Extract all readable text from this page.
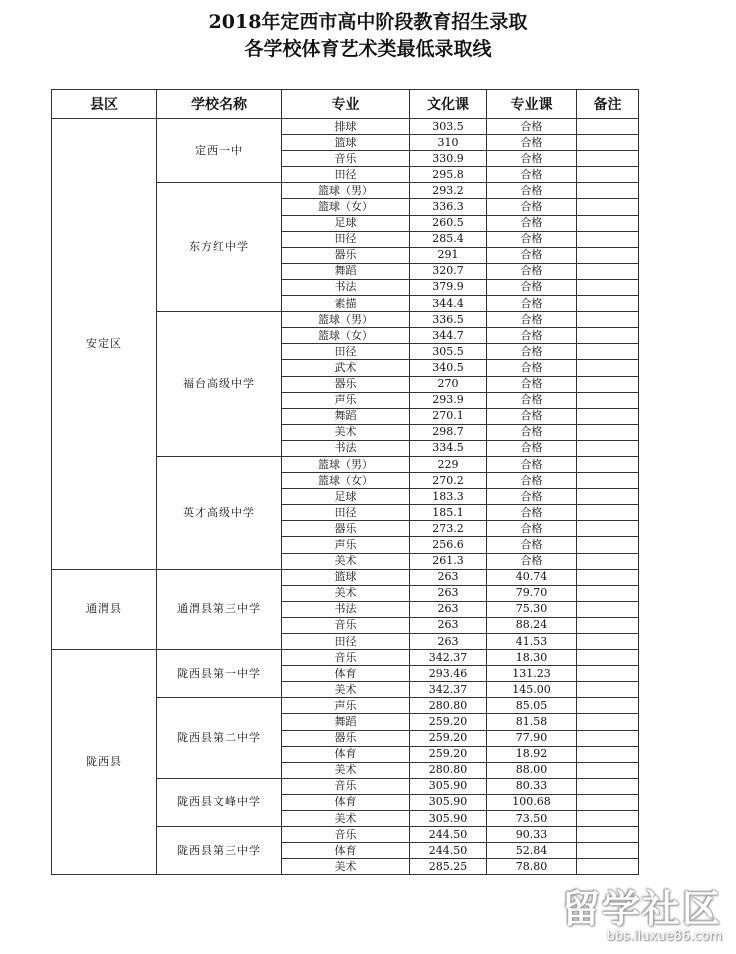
2018年定西市高中阶段教育招生录取
各学校体育艺术类最低录取线
县区	学校名称	专业	文化课	专业课	备注
安定区	定西一中	排球	303.5	合格	
		篮球	310	合格	
		音乐	330.9	合格	
		田径	295.8	合格	
	东方红中学	篮球（男）	293.2	合格	
		篮球（女）	336.3	合格	
		足球	260.5	合格	
		田径	285.4	合格	
		器乐	291	合格	
		舞蹈	320.7	合格	
		书法	379.9	合格	
		素描	344.4	合格	
	福台高级中学	篮球（男）	336.5	合格	
		篮球（女）	344.7	合格	
		田径	305.5	合格	
		武术	340.5	合格	
		器乐	270	合格	
		声乐	293.9	合格	
		舞蹈	270.1	合格	
		美术	298.7	合格	
		书法	334.5	合格	
	英才高级中学	篮球（男）	229	合格	
		篮球（女）	270.2	合格	
		足球	183.3	合格	
		田径	185.1	合格	
		器乐	273.2	合格	
		声乐	256.6	合格	
		美术	261.3	合格	
通渭县	通渭县第三中学	篮球	263	40.74	
		美术	263	79.70	
		书法	263	75.30	
		音乐	263	88.24	
		田径	263	41.53	
陇西县	陇西县第一中学	音乐	342.37	18.30	
		体育	293.46	131.23	
		美术	342.37	145.00	
	陇西县第二中学	声乐	280.80	85.05	
		舞蹈	259.20	81.58	
		器乐	259.20	77.90	
		体育	259.20	18.92	
		美术	280.80	88.00	
	陇西县文峰中学	音乐	305.90	80.33	
		体育	305.90	100.68	
		美术	305.90	73.50	
	陇西县第三中学	音乐	244.50	90.33	
		体育	244.50	52.84	
		美术	285.25	78.80	
留学社区
bbs.liuxue86.com
